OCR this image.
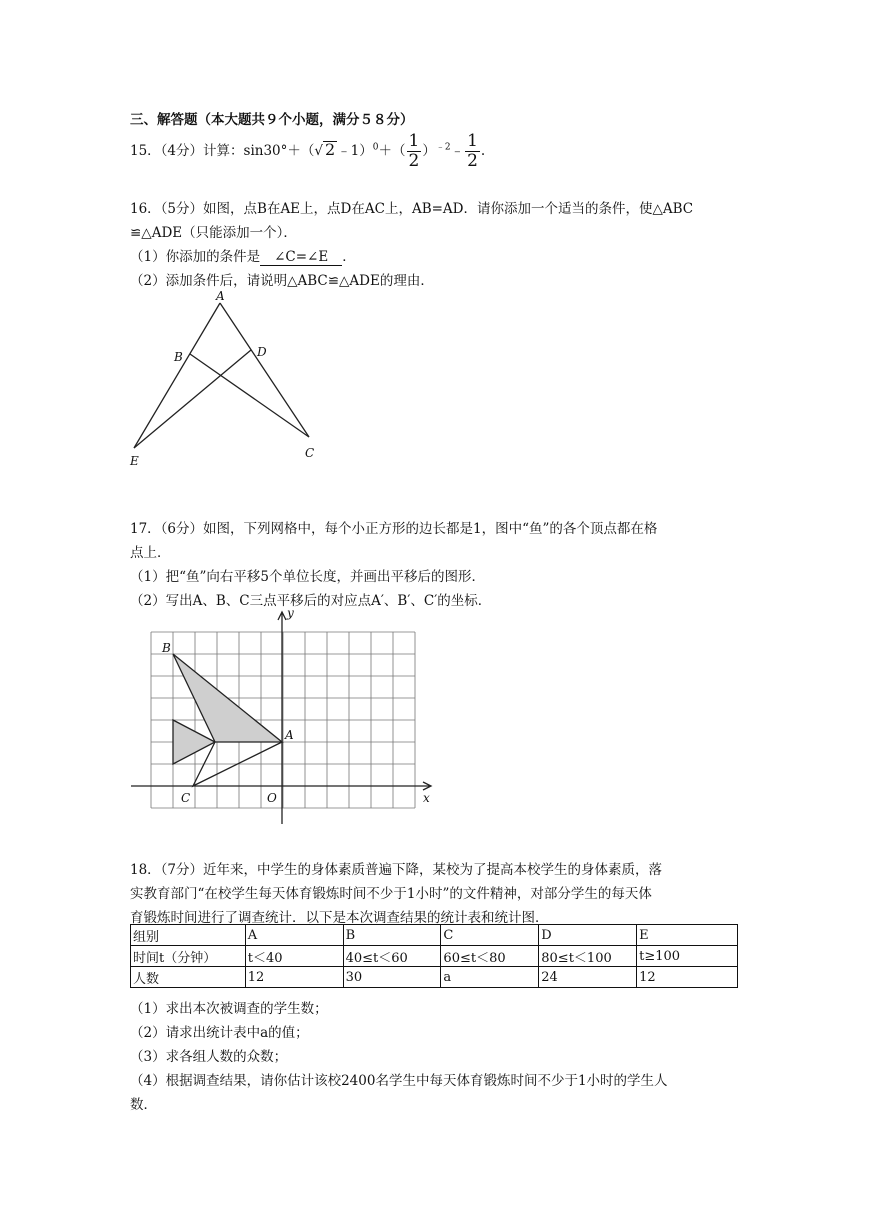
三、解答题（本大题共９个小题，满分５８分）
15．（4分）计算：sin30°＋（√ 2 ﹣1）$^0$＋（ $\frac{1}{2}$ ）$^{﹣2}$﹣ $\frac{1}{2}$ .
16．（5分）如图，点B在AE上，点D在AC上，AB=AD．请你添加一个适当的条件，使△ABC
≌△ADE（只能添加一个）．
（1）你添加的条件是 ∠C=∠E ．
（2）添加条件后，请说明△ABC≌△ADE的理由．
A
B	D
E
C
17．（6分）如图，下列网格中，每个小正方形的边长都是1，图中“鱼”的各个顶点都在格
点上．
（1）把“鱼”向右平移5个单位长度，并画出平移后的图形．
（2）写出A、B、C三点平移后的对应点A′、B′、C′的坐标．
y
x
B
A
C	O
18．（7分）近年来，中学生的身体素质普遍下降，某校为了提高本校学生的身体素质，落
实教育部门“在校学生每天体育锻炼时间不少于1小时”的文件精神，对部分学生的每天体
育锻炼时间进行了调查统计．以下是本次调查结果的统计表和统计图．
组别	A	B	C	D	E
时间t（分钟）	t＜40	40≤t＜60	60≤t＜80	80≤t＜100	t≥100
人数	12	30	a	24	12
（1）求出本次被调查的学生数；
（2）请求出统计表中a的值；
（3）求各组人数的众数；
（4）根据调查结果，请你估计该校2400名学生中每天体育锻炼时间不少于1小时的学生人
数．
